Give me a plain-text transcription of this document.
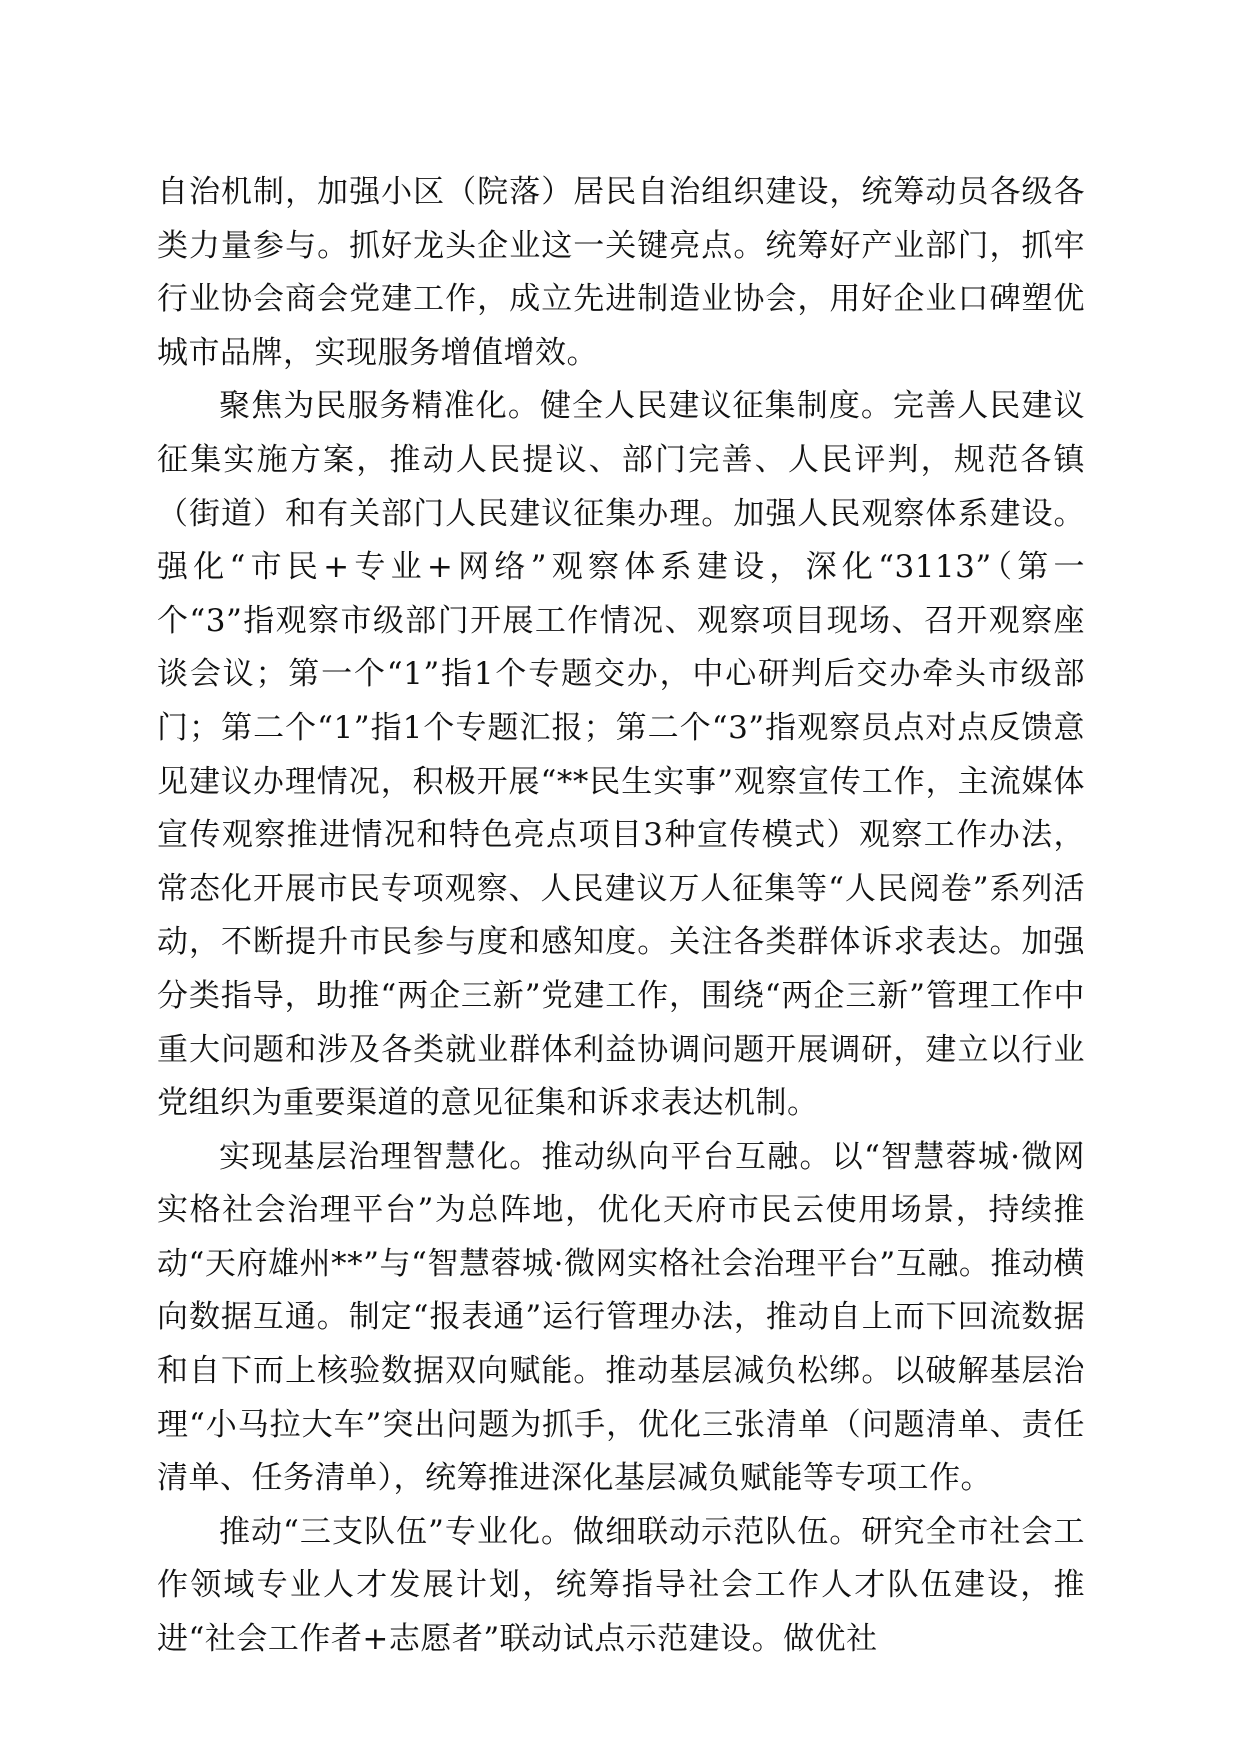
自治机制，加强小区（院落）居民自治组织建设，统筹动员各级各类力量参与。抓好龙头企业这一关键亮点。统筹好产业部门，抓牢行业协会商会党建工作，成立先进制造业协会，用好企业口碑塑优城市品牌，实现服务增值增效。

聚焦为民服务精准化。健全人民建议征集制度。完善人民建议征集实施方案，推动人民提议、部门完善、人民评判，规范各镇（街道）和有关部门人民建议征集办理。加强人民观察体系建设。强化“市民+专业+网络”观察体系建设，深化“3113”（第一个“3”指观察市级部门开展工作情况、观察项目现场、召开观察座谈会议；第一个“1”指1个专题交办，中心研判后交办牵头市级部门；第二个“1”指1个专题汇报；第二个“3”指观察员点对点反馈意见建议办理情况，积极开展“**民生实事”观察宣传工作，主流媒体宣传观察推进情况和特色亮点项目3种宣传模式）观察工作办法，常态化开展市民专项观察、人民建议万人征集等“人民阅卷”系列活动，不断提升市民参与度和感知度。关注各类群体诉求表达。加强分类指导，助推“两企三新”党建工作，围绕“两企三新”管理工作中重大问题和涉及各类就业群体利益协调问题开展调研，建立以行业党组织为重要渠道的意见征集和诉求表达机制。

实现基层治理智慧化。推动纵向平台互融。以“智慧蓉城·微网实格社会治理平台”为总阵地，优化天府市民云使用场景，持续推动“天府雄州**”与“智慧蓉城·微网实格社会治理平台”互融。推动横向数据互通。制定“报表通”运行管理办法，推动自上而下回流数据和自下而上核验数据双向赋能。推动基层减负松绑。以破解基层治理“小马拉大车”突出问题为抓手，优化三张清单（问题清单、责任清单、任务清单），统筹推进深化基层减负赋能等专项工作。

推动“三支队伍”专业化。做细联动示范队伍。研究全市社会工作领域专业人才发展计划，统筹指导社会工作人才队伍建设，推进“社会工作者+志愿者”联动试点示范建设。做优社
